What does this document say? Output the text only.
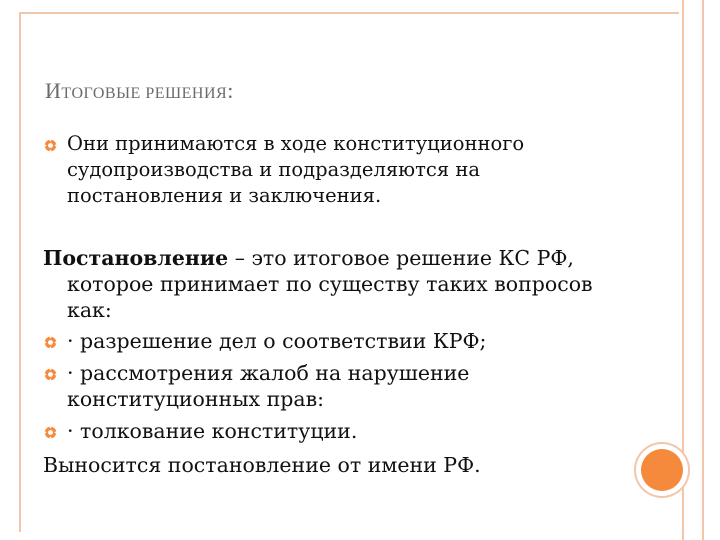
ИТОГОВЫЕ РЕШЕНИЯ:
Они принимаются в ходе конституционного
судопроизводства и подразделяются на
постановления и заключения.
Постановление – это итоговое решение КС РФ,
которое принимает по существу таких вопросов
как:
· разрешение дел о соответствии КРФ;
· рассмотрения жалоб на нарушение
конституционных прав:
· толкование конституции.
Выносится постановление от имени РФ.
